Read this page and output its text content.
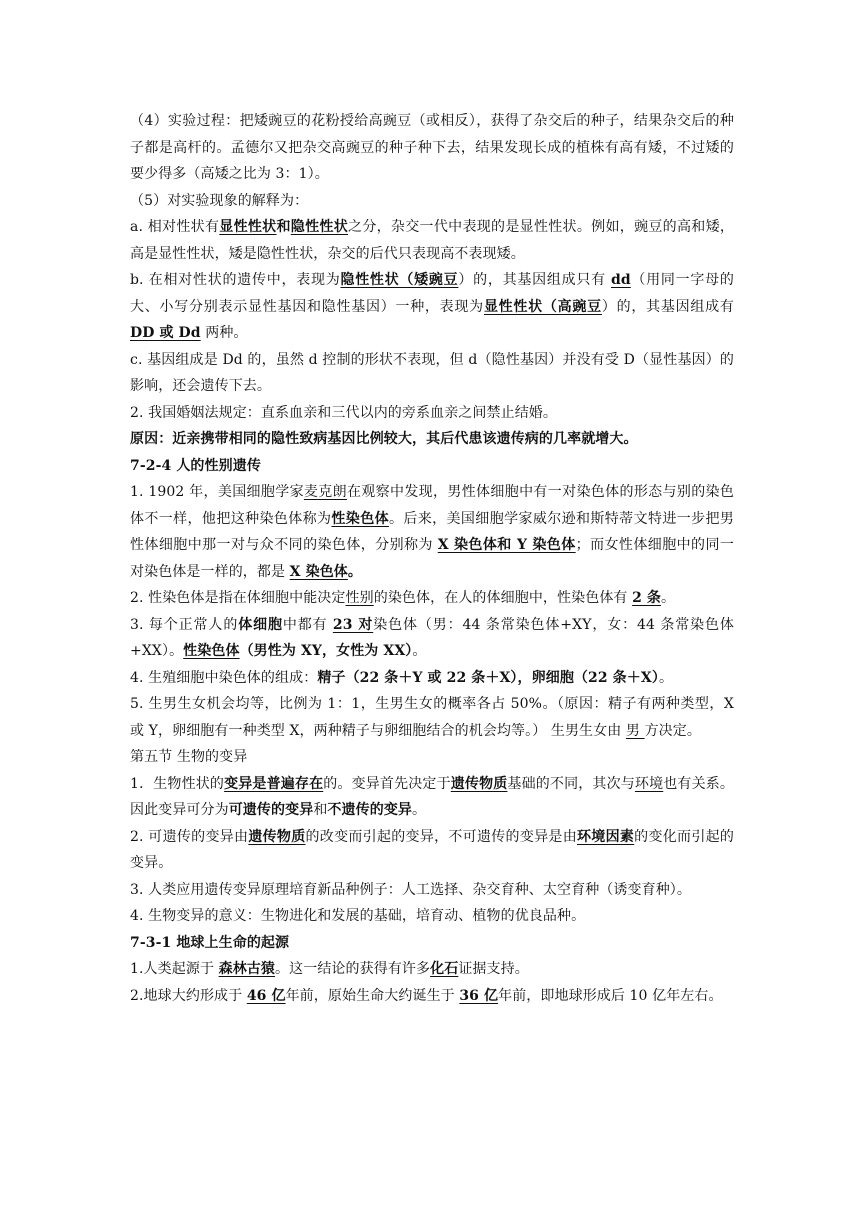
（4）实验过程：把矮豌豆的花粉授给高豌豆（或相反），获得了杂交后的种子，结果杂交后的种子都是高杆的。孟德尔又把杂交高豌豆的种子种下去，结果发现长成的植株有高有矮，不过矮的要少得多（高矮之比为 3：1）。

（5）对实验现象的解释为：

a. 相对性状有显性性状和隐性性状之分，杂交一代中表现的是显性性状。例如，豌豆的高和矮，高是显性性状，矮是隐性性状，杂交的后代只表现高不表现矮。

b. 在相对性状的遗传中，表现为隐性性状（矮豌豆）的，其基因组成只有 dd（用同一字母的大、小写分别表示显性基因和隐性基因）一种，表现为显性性状（高豌豆）的，其基因组成有 DD 或 Dd 两种。

c. 基因组成是 Dd 的，虽然 d 控制的形状不表现，但 d（隐性基因）并没有受 D（显性基因）的影响，还会遗传下去。

2. 我国婚姻法规定：直系血亲和三代以内的旁系血亲之间禁止结婚。

原因：近亲携带相同的隐性致病基因比例较大，其后代患该遗传病的几率就增大。

7-2-4 人的性别遗传

1. 1902 年，美国细胞学家麦克朗在观察中发现，男性体细胞中有一对染色体的形态与别的染色体不一样，他把这种染色体称为性染色体。后来，美国细胞学家威尔逊和斯特蒂文特进一步把男性体细胞中那一对与众不同的染色体，分别称为 X 染色体和 Y 染色体；而女性体细胞中的同一对染色体是一样的，都是 X 染色体。

2. 性染色体是指在体细胞中能决定性别的染色体，在人的体细胞中，性染色体有 2 条。

3. 每个正常人的体细胞中都有 23 对染色体（男：44 条常染色体+XY，女：44 条常染色体+XX）。性染色体（男性为 XY，女性为 XX）。

4. 生殖细胞中染色体的组成：精子（22 条＋Y 或 22 条＋X），卵细胞（22 条＋X）。

5. 生男生女机会均等，比例为 1：1，生男生女的概率各占 50%。（原因：精子有两种类型，X 或 Y，卵细胞有一种类型 X，两种精子与卵细胞结合的机会均等。） 生男生女由 男 方决定。

第五节 生物的变异

1．生物性状的变异是普遍存在的。变异首先决定于遗传物质基础的不同，其次与环境也有关系。因此变异可分为可遗传的变异和不遗传的变异。

2. 可遗传的变异由遗传物质的改变而引起的变异，不可遗传的变异是由环境因素的变化而引起的变异。

3. 人类应用遗传变异原理培育新品种例子：人工选择、杂交育种、太空育种（诱变育种）。

4. 生物变异的意义：生物进化和发展的基础，培育动、植物的优良品种。

7-3-1 地球上生命的起源

1.人类起源于 森林古猿。这一结论的获得有许多化石证据支持。

2.地球大约形成于 46 亿年前，原始生命大约诞生于 36 亿年前，即地球形成后 10 亿年左右。
